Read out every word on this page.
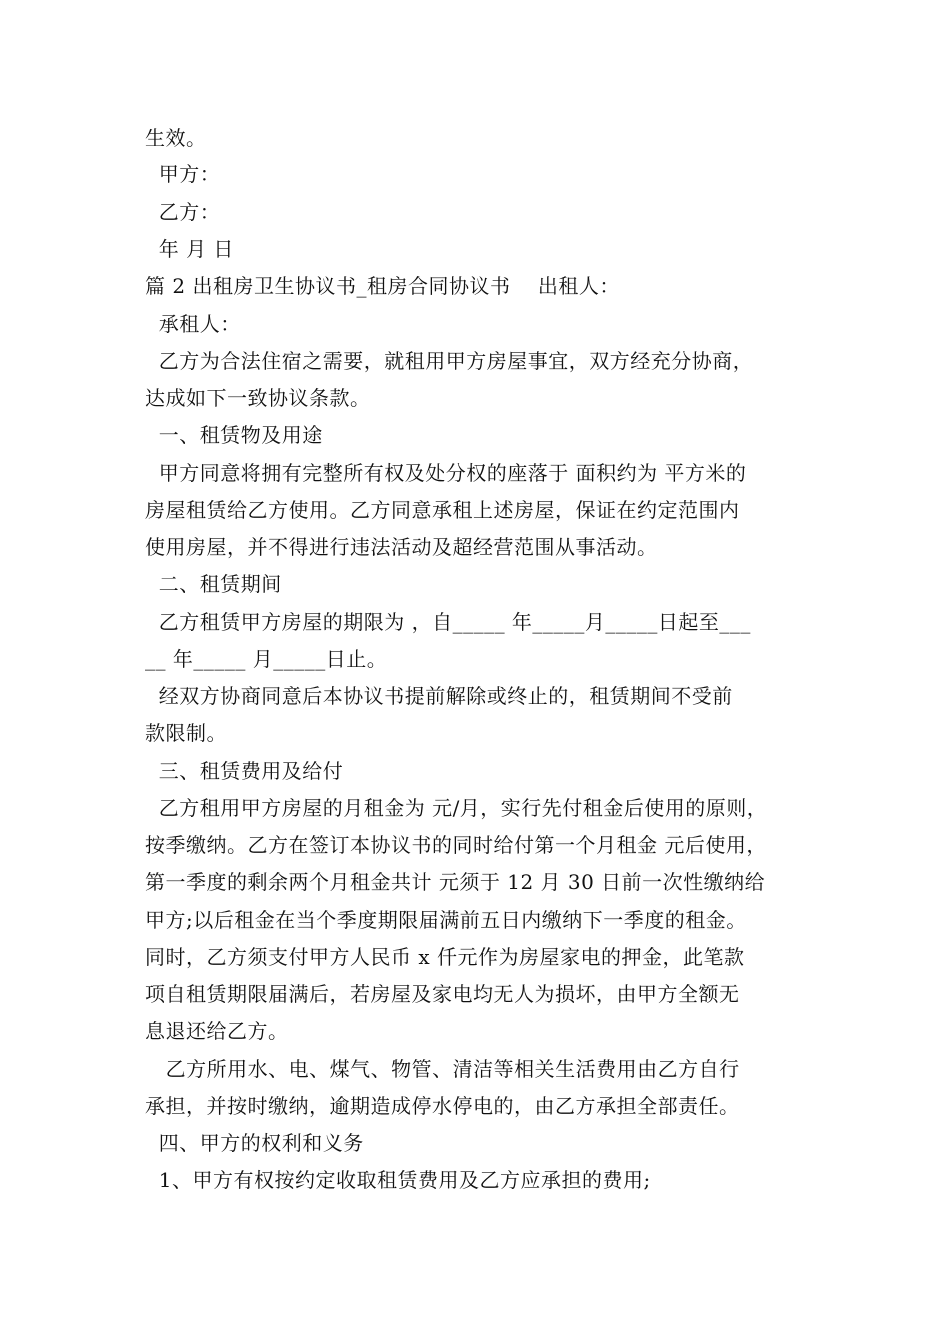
生效。
甲方：
乙方：
年 月 日
篇 2 出租房卫生协议书_租房合同协议书    出租人：
承租人：
乙方为合法住宿之需要，就租用甲方房屋事宜，双方经充分协商，
达成如下一致协议条款。
一、租赁物及用途
甲方同意将拥有完整所有权及处分权的座落于 面积约为 平方米的
房屋租赁给乙方使用。乙方同意承租上述房屋，保证在约定范围内
使用房屋，并不得进行违法活动及超经营范围从事活动。
二、租赁期间
乙方租赁甲方房屋的期限为 ，自_____ 年_____月_____日起至___
__ 年_____ 月_____日止。
经双方协商同意后本协议书提前解除或终止的，租赁期间不受前
款限制。
三、租赁费用及给付
乙方租用甲方房屋的月租金为 元/月，实行先付租金后使用的原则，
按季缴纳。乙方在签订本协议书的同时给付第一个月租金 元后使用，
第一季度的剩余两个月租金共计 元须于 12 月 30 日前一次性缴纳给
甲方;以后租金在当个季度期限届满前五日内缴纳下一季度的租金。
同时，乙方须支付甲方人民币 x 仟元作为房屋家电的押金，此笔款
项自租赁期限届满后，若房屋及家电均无人为损坏，由甲方全额无
息退还给乙方。
乙方所用水、电、煤气、物管、清洁等相关生活费用由乙方自行
承担，并按时缴纳，逾期造成停水停电的，由乙方承担全部责任。
四、甲方的权利和义务
1、甲方有权按约定收取租赁费用及乙方应承担的费用;
